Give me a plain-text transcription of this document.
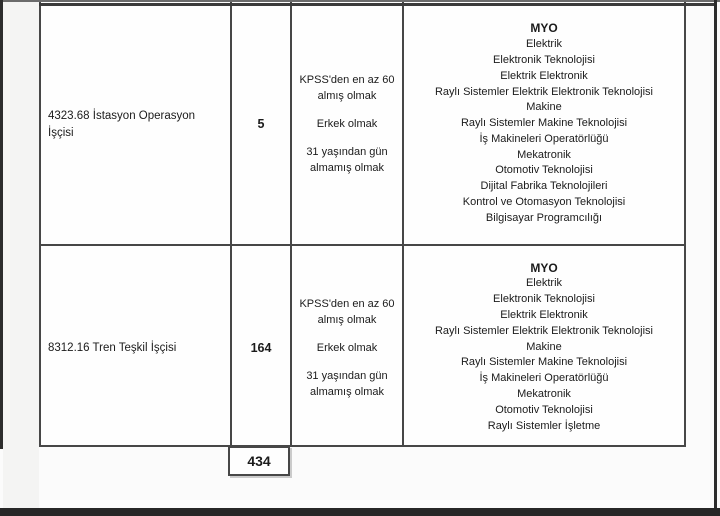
4323.68 İstasyon Operasyon İşçisi
5

KPSS'den en az 60 almış olmak

Erkek olmak

31 yaşından gün almamış olmak

MYO
Elektrik
Elektronik Teknolojisi
Elektrik Elektronik
Raylı Sistemler Elektrik Elektronik Teknolojisi
Makine
Raylı Sistemler Makine Teknolojisi
İş Makineleri Operatörlüğü
Mekatronik
Otomotiv Teknolojisi
Dijital Fabrika Teknolojileri
Kontrol ve Otomasyon Teknolojisi
Bilgisayar Programcılığı
8312.16 Tren Teşkil İşçisi	164

KPSS'den en az 60 almış olmak

Erkek olmak

31 yaşından gün almamış olmak

MYO
Elektrik
Elektronik Teknolojisi
Elektrik Elektronik
Raylı Sistemler Elektrik Elektronik Teknolojisi
Makine
Raylı Sistemler Makine Teknolojisi
İş Makineleri Operatörlüğü
Mekatronik
Otomotiv Teknolojisi
Raylı Sistemler İşletme
434
